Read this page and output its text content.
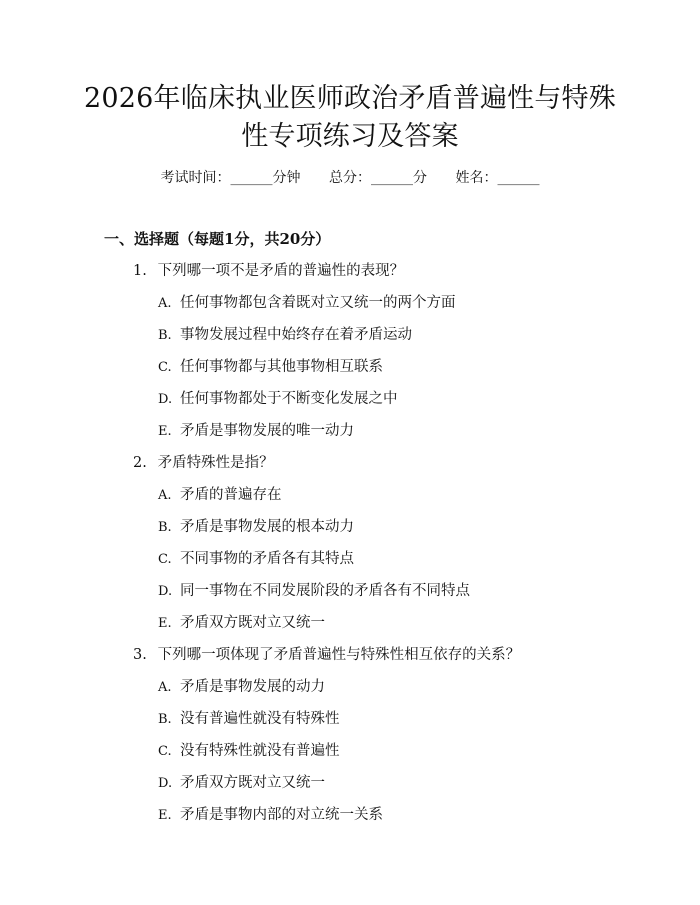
2026年临床执业医师政治矛盾普遍性与特殊
性专项练习及答案
考试时间：______分钟 总分：______分 姓名：______
一、选择题（每题1分，共20分）
1. 下列哪一项不是矛盾的普遍性的表现？
A. 任何事物都包含着既对立又统一的两个方面
B. 事物发展过程中始终存在着矛盾运动
C. 任何事物都与其他事物相互联系
D. 任何事物都处于不断变化发展之中
E. 矛盾是事物发展的唯一动力
2. 矛盾特殊性是指？
A. 矛盾的普遍存在
B. 矛盾是事物发展的根本动力
C. 不同事物的矛盾各有其特点
D. 同一事物在不同发展阶段的矛盾各有不同特点
E. 矛盾双方既对立又统一
3. 下列哪一项体现了矛盾普遍性与特殊性相互依存的关系？
A. 矛盾是事物发展的动力
B. 没有普遍性就没有特殊性
C. 没有特殊性就没有普遍性
D. 矛盾双方既对立又统一
E. 矛盾是事物内部的对立统一关系
